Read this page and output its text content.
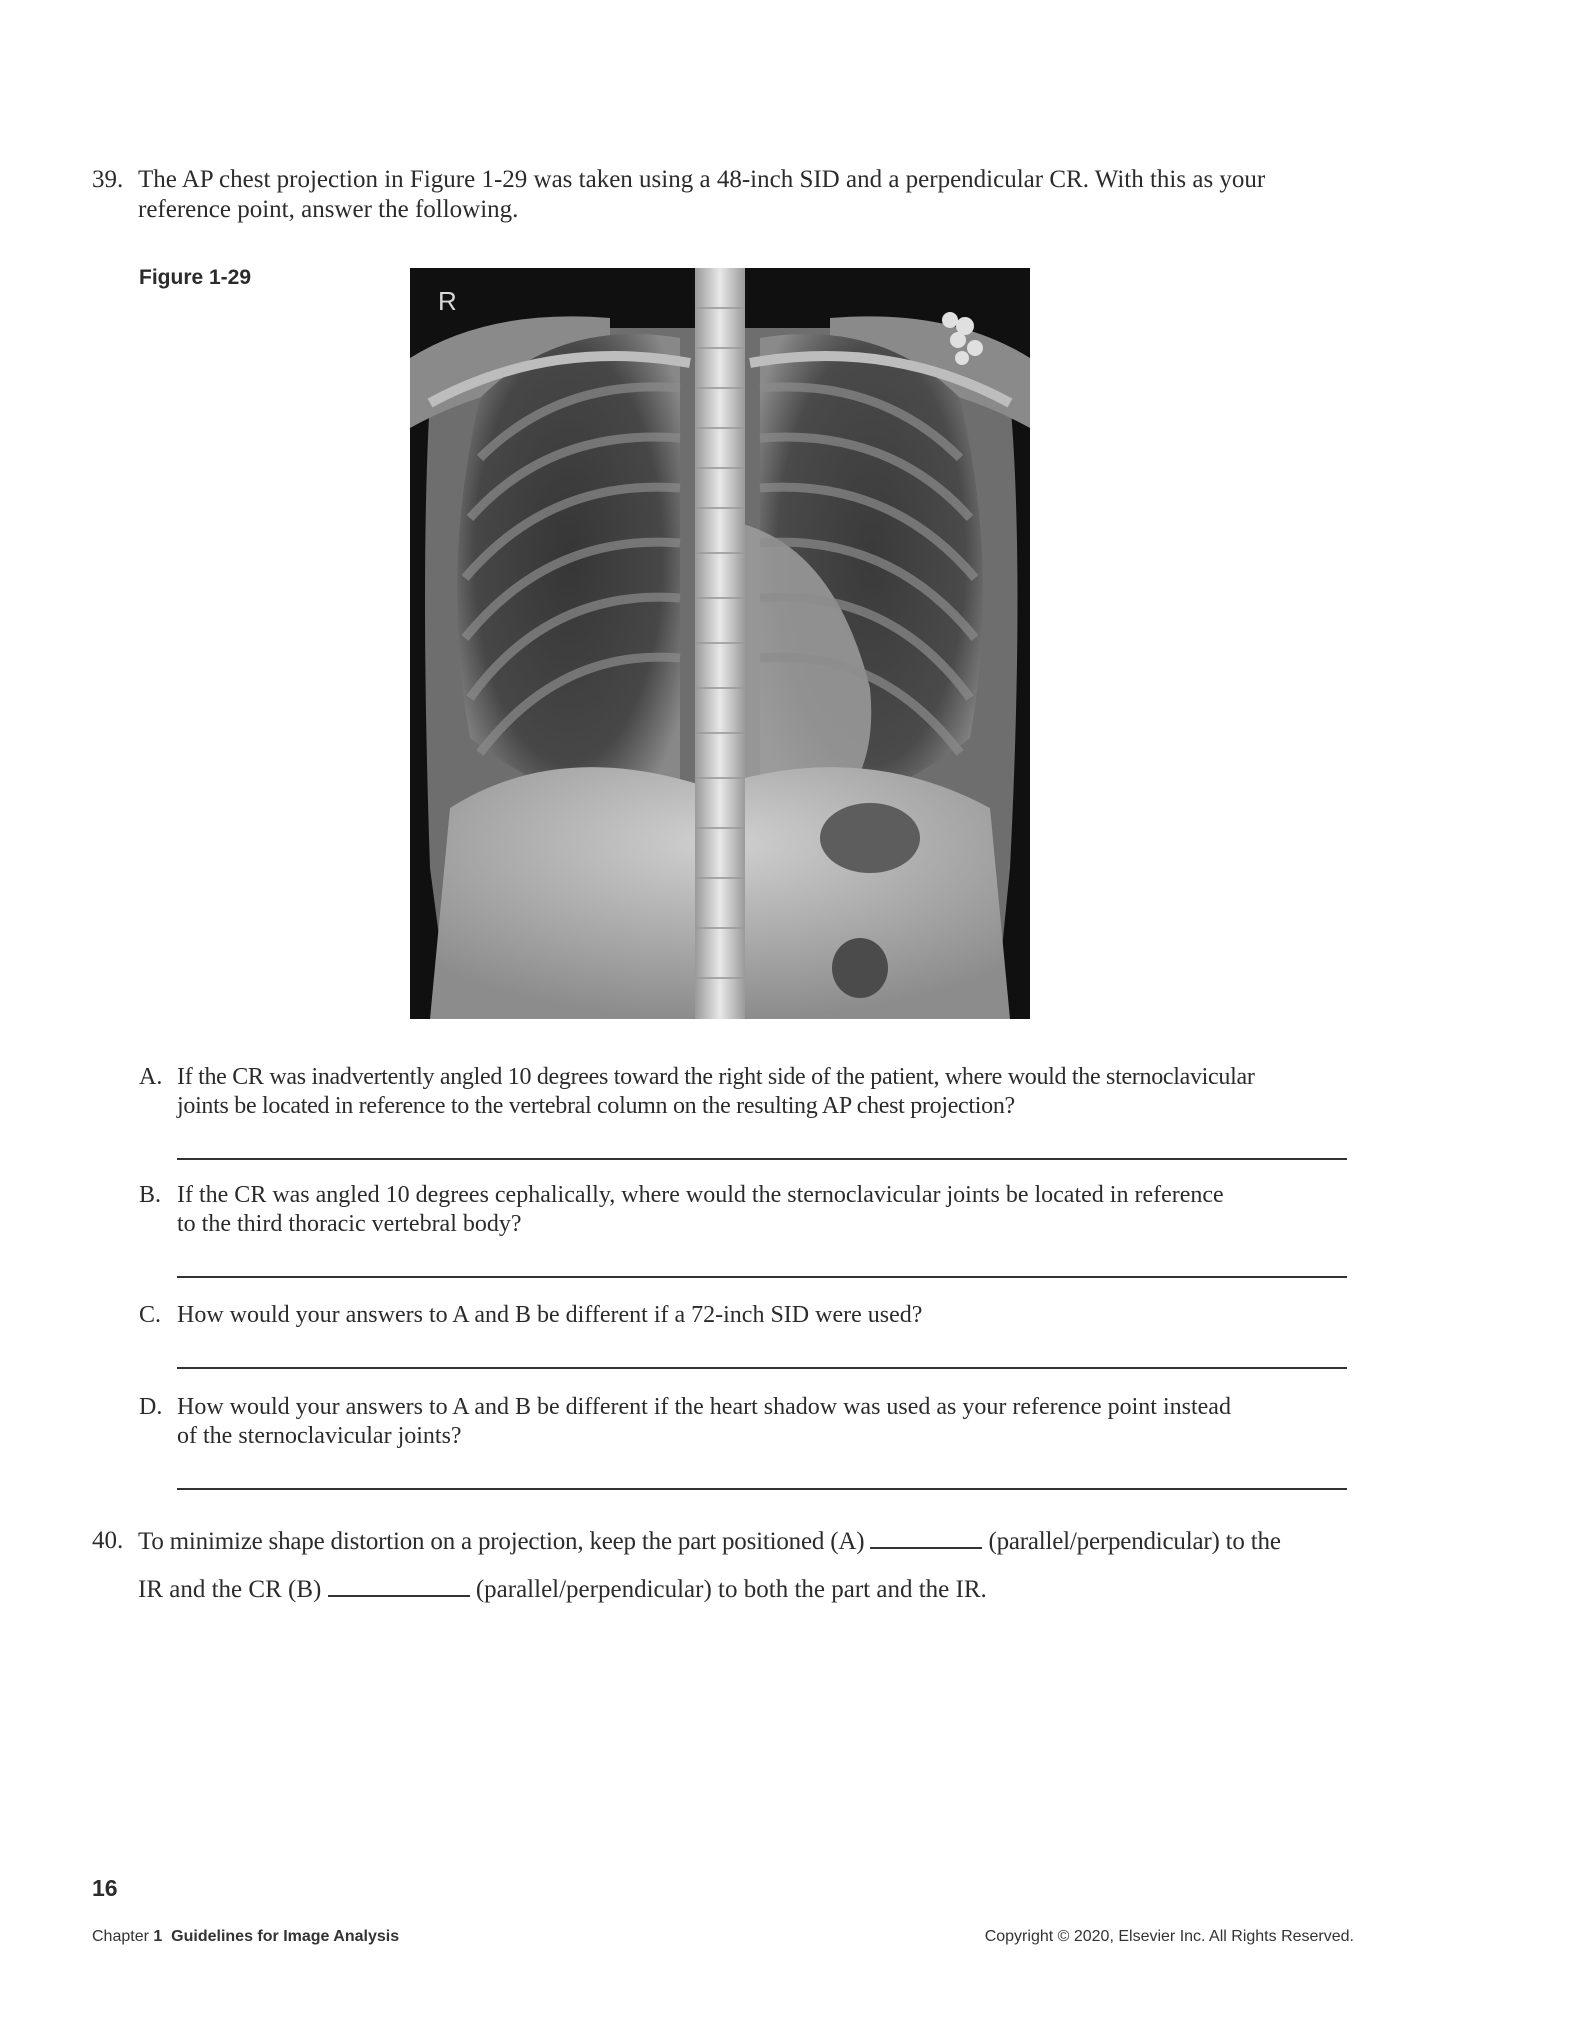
39. The AP chest projection in Figure 1-29 was taken using a 48-inch SID and a perpendicular CR. With this as your
reference point, answer the following.
Figure 1-29
R
A. If the CR was inadvertently angled 10 degrees toward the right side of the patient, where would the sternoclavicular
joints be located in reference to the vertebral column on the resulting AP chest projection?
B. If the CR was angled 10 degrees cephalically, where would the sternoclavicular joints be located in reference
to the third thoracic vertebral body?
C. How would your answers to A and B be different if a 72-inch SID were used?
D. How would your answers to A and B be different if the heart shadow was used as your reference point instead
of the sternoclavicular joints?
40. To minimize shape distortion on a projection, keep the part positioned (A)	(parallel/perpendicular) to the
IR and the CR (B)	(parallel/perpendicular) to both the part and the IR.
16
Chapter 1 Guidelines for Image Analysis	Copyright © 2020, Elsevier Inc. All Rights Reserved.
